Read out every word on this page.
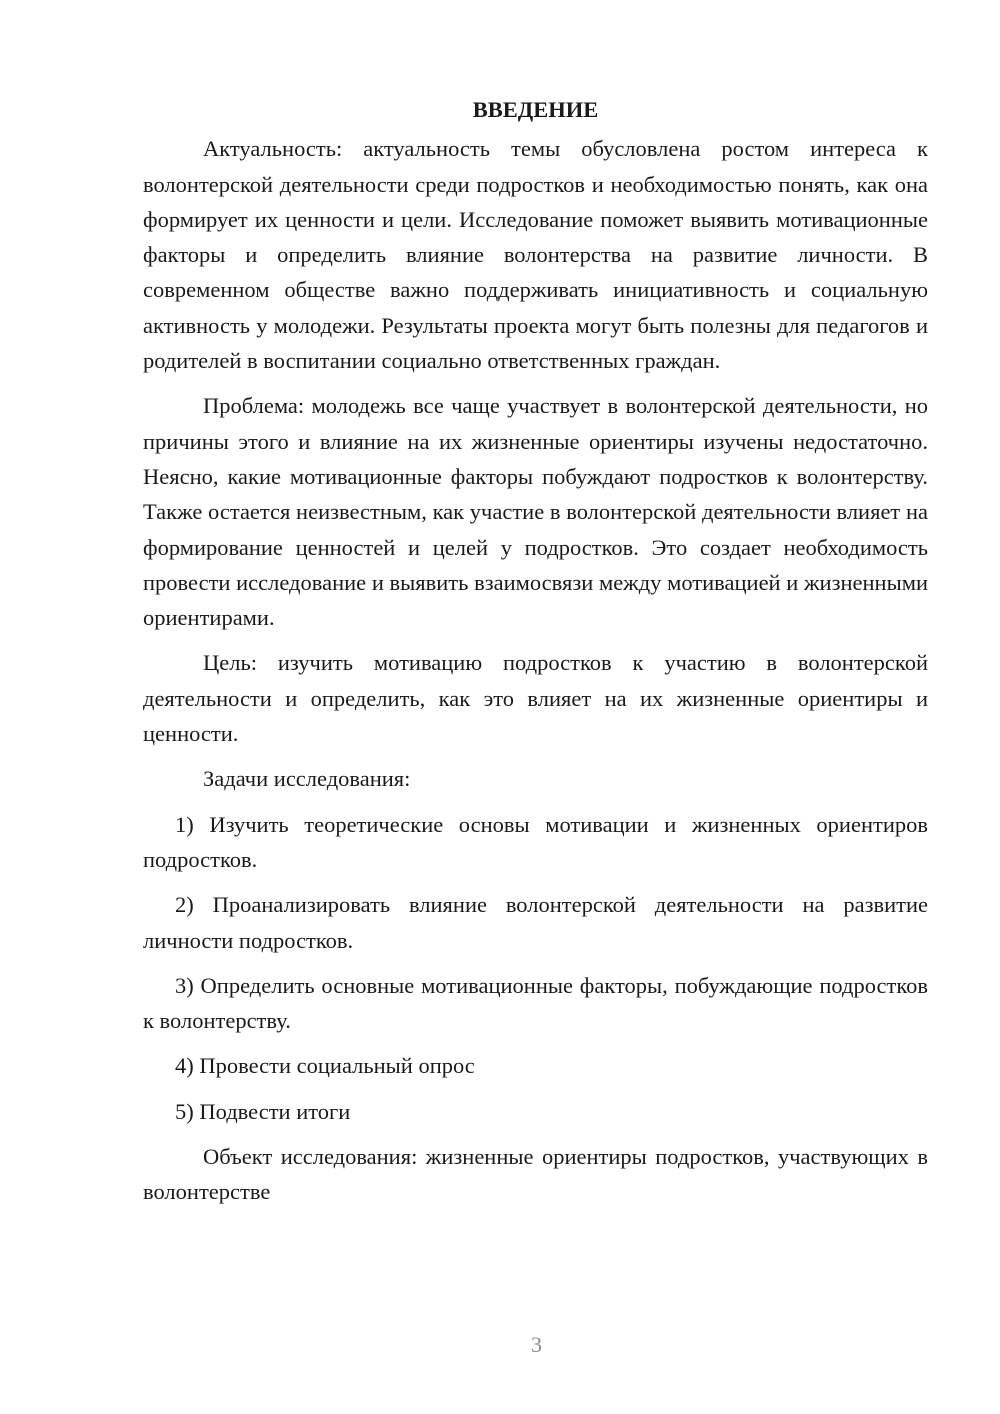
ВВЕДЕНИЕ

Актуальность: актуальность темы обусловлена ростом интереса к волонтерской деятельности среди подростков и необходимостью понять, как она формирует их ценности и цели. Исследование поможет выявить мотивационные факторы и определить влияние волонтерства на развитие личности. В современном обществе важно поддерживать инициативность и социальную активность у молодежи. Результаты проекта могут быть полезны для педагогов и родителей в воспитании социально ответственных граждан.

Проблема: молодежь все чаще участвует в волонтерской деятельности, но причины этого и влияние на их жизненные ориентиры изучены недостаточно. Неясно, какие мотивационные факторы побуждают подростков к волонтерству. Также остается неизвестным, как участие в волонтерской деятельности влияет на формирование ценностей и целей у подростков. Это создает необходимость провести исследование и выявить взаимосвязи между мотивацией и жизненными ориентирами.

Цель: изучить мотивацию подростков к участию в волонтерской деятельности и определить, как это влияет на их жизненные ориентиры и ценности.

Задачи исследования:

1) Изучить теоретические основы мотивации и жизненных ориентиров подростков.

2) Проанализировать влияние волонтерской деятельности на развитие личности подростков.

3) Определить основные мотивационные факторы, побуждающие подростков к волонтерству.

4) Провести социальный опрос

5) Подвести итоги

Объект исследования: жизненные ориентиры подростков, участвующих в волонтерстве

3
